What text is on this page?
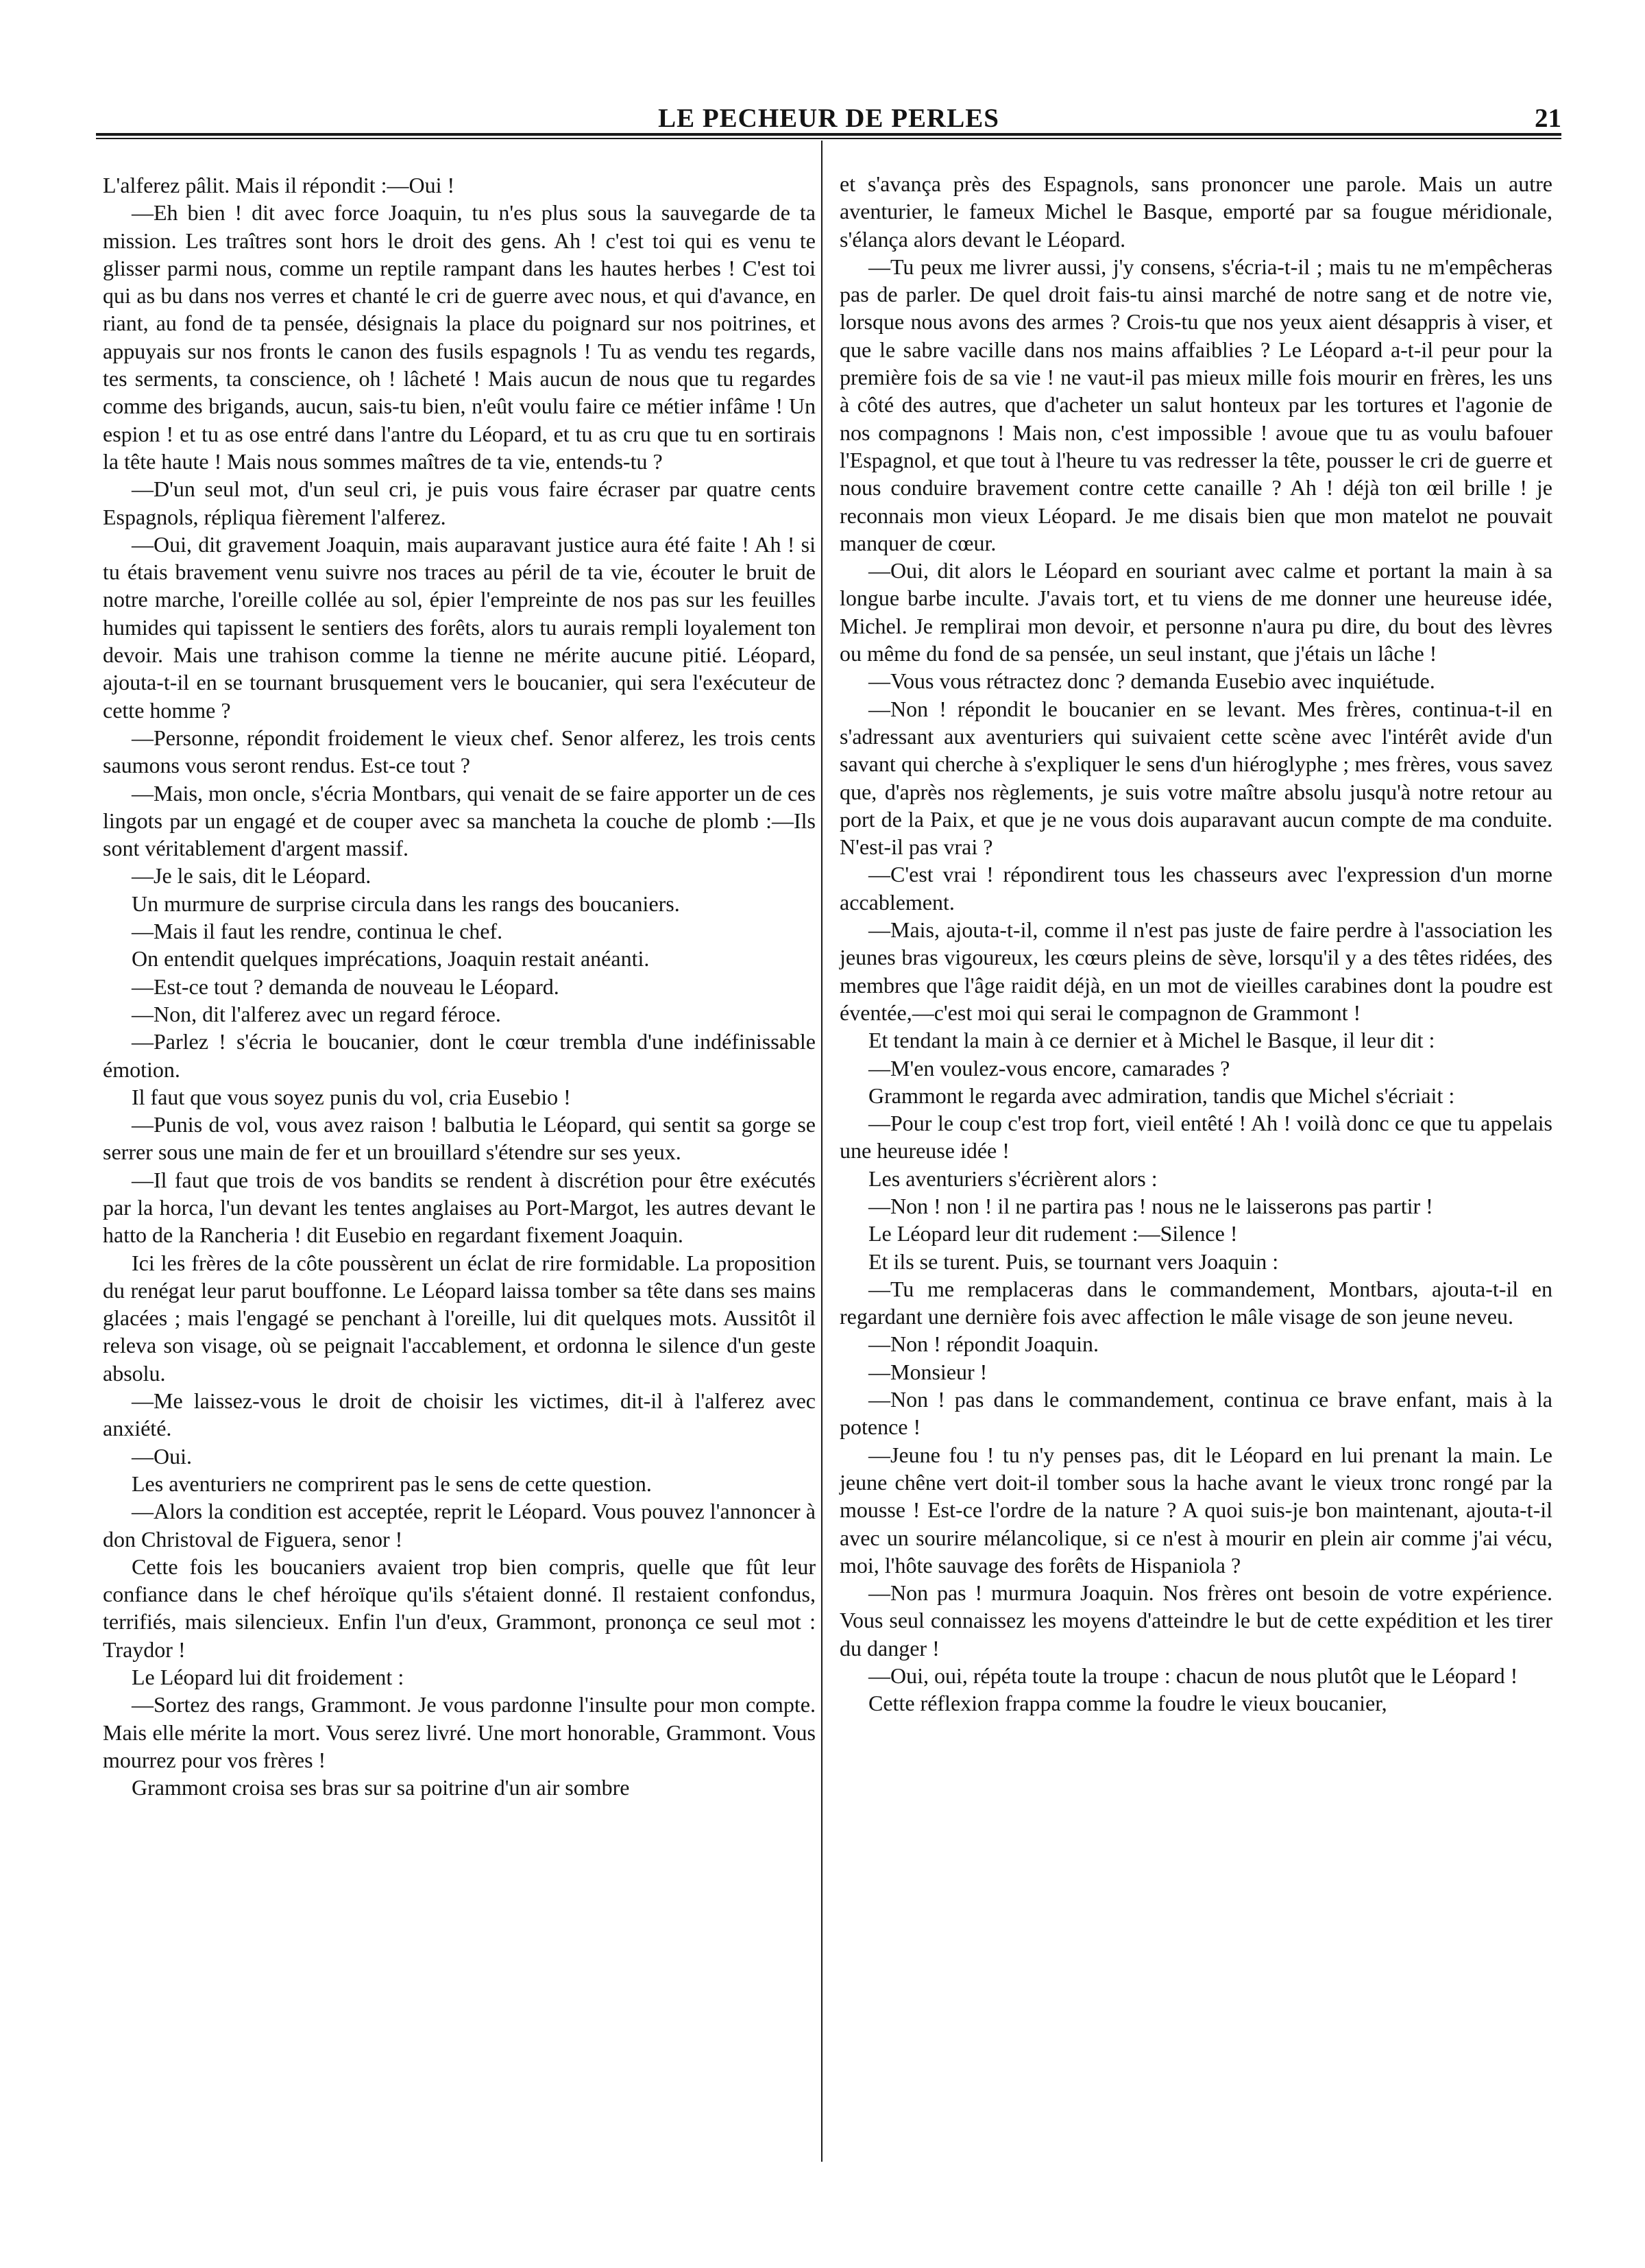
LE PECHEUR DE PERLES	21

L'alferez pâlit. Mais il répondit :—Oui !

—Eh bien ! dit avec force Joaquin, tu n'es plus sous la sauvegarde de ta mission. Les traîtres sont hors le droit des gens. Ah ! c'est toi qui es venu te glisser parmi nous, comme un reptile rampant dans les hautes herbes ! C'est toi qui as bu dans nos verres et chanté le cri de guerre avec nous, et qui d'avance, en riant, au fond de ta pensée, désignais la place du poignard sur nos poitrines, et appuyais sur nos fronts le canon des fusils espagnols ! Tu as vendu tes regards, tes serments, ta conscience, oh ! lâcheté ! Mais aucun de nous que tu regardes comme des brigands, aucun, sais-tu bien, n'eût voulu faire ce métier infâme ! Un espion ! et tu as ose entré dans l'antre du Léopard, et tu as cru que tu en sortirais la tête haute ! Mais nous sommes maîtres de ta vie, entends-tu ?

—D'un seul mot, d'un seul cri, je puis vous faire écraser par quatre cents Espagnols, répliqua fièrement l'alferez.

—Oui, dit gravement Joaquin, mais auparavant justice aura été faite ! Ah ! si tu étais bravement venu suivre nos traces au péril de ta vie, écouter le bruit de notre marche, l'oreille collée au sol, épier l'empreinte de nos pas sur les feuilles humides qui tapissent le sentiers des forêts, alors tu aurais rempli loyalement ton devoir. Mais une trahison comme la tienne ne mérite aucune pitié. Léopard, ajouta-t-il en se tournant brusquement vers le boucanier, qui sera l'exécuteur de cette homme ?

—Personne, répondit froidement le vieux chef. Senor alferez, les trois cents saumons vous seront rendus. Est-ce tout ?

—Mais, mon oncle, s'écria Montbars, qui venait de se faire apporter un de ces lingots par un engagé et de couper avec sa mancheta la couche de plomb :—Ils sont véritablement d'argent massif.

—Je le sais, dit le Léopard.

Un murmure de surprise circula dans les rangs des boucaniers.

—Mais il faut les rendre, continua le chef.

On entendit quelques imprécations, Joaquin restait anéanti.

—Est-ce tout ? demanda de nouveau le Léopard.

—Non, dit l'alferez avec un regard féroce.

—Parlez ! s'écria le boucanier, dont le cœur trembla d'une indéfinissable émotion.

Il faut que vous soyez punis du vol, cria Eusebio !

—Punis de vol, vous avez raison ! balbutia le Léopard, qui sentit sa gorge se serrer sous une main de fer et un brouillard s'étendre sur ses yeux.

—Il faut que trois de vos bandits se rendent à discrétion pour être exécutés par la horca, l'un devant les tentes anglaises au Port-Margot, les autres devant le hatto de la Rancheria ! dit Eusebio en regardant fixement Joaquin.

Ici les frères de la côte poussèrent un éclat de rire formidable. La proposition du renégat leur parut bouffonne. Le Léopard laissa tomber sa tête dans ses mains glacées ; mais l'engagé se penchant à l'oreille, lui dit quelques mots. Aussitôt il releva son visage, où se peignait l'accablement, et ordonna le silence d'un geste absolu.

—Me laissez-vous le droit de choisir les victimes, dit-il à l'alferez avec anxiété.

—Oui.

Les aventuriers ne comprirent pas le sens de cette question.

—Alors la condition est acceptée, reprit le Léopard. Vous pouvez l'annoncer à don Christoval de Figuera, senor !

Cette fois les boucaniers avaient trop bien compris, quelle que fût leur confiance dans le chef héroïque qu'ils s'étaient donné. Il restaient confondus, terrifiés, mais silencieux. Enfin l'un d'eux, Grammont, prononça ce seul mot : Traydor !

Le Léopard lui dit froidement :

—Sortez des rangs, Grammont. Je vous pardonne l'insulte pour mon compte. Mais elle mérite la mort. Vous serez livré. Une mort honorable, Grammont. Vous mourrez pour vos frères !

Grammont croisa ses bras sur sa poitrine d'un air sombre

et s'avança près des Espagnols, sans prononcer une parole. Mais un autre aventurier, le fameux Michel le Basque, emporté par sa fougue méridionale, s'élança alors devant le Léopard.

—Tu peux me livrer aussi, j'y consens, s'écria-t-il ; mais tu ne m'empêcheras pas de parler. De quel droit fais-tu ainsi marché de notre sang et de notre vie, lorsque nous avons des armes ? Crois-tu que nos yeux aient désappris à viser, et que le sabre vacille dans nos mains affaiblies ? Le Léopard a-t-il peur pour la première fois de sa vie ! ne vaut-il pas mieux mille fois mourir en frères, les uns à côté des autres, que d'acheter un salut honteux par les tortures et l'agonie de nos compagnons ! Mais non, c'est impossible ! avoue que tu as voulu bafouer l'Espagnol, et que tout à l'heure tu vas redresser la tête, pousser le cri de guerre et nous conduire bravement contre cette canaille ? Ah ! déjà ton œil brille ! je reconnais mon vieux Léopard. Je me disais bien que mon matelot ne pouvait manquer de cœur.

—Oui, dit alors le Léopard en souriant avec calme et portant la main à sa longue barbe inculte. J'avais tort, et tu viens de me donner une heureuse idée, Michel. Je remplirai mon devoir, et personne n'aura pu dire, du bout des lèvres ou même du fond de sa pensée, un seul instant, que j'étais un lâche !

—Vous vous rétractez donc ? demanda Eusebio avec inquiétude.

—Non ! répondit le boucanier en se levant. Mes frères, continua-t-il en s'adressant aux aventuriers qui suivaient cette scène avec l'intérêt avide d'un savant qui cherche à s'expliquer le sens d'un hiéroglyphe ; mes frères, vous savez que, d'après nos règlements, je suis votre maître absolu jusqu'à notre retour au port de la Paix, et que je ne vous dois auparavant aucun compte de ma conduite. N'est-il pas vrai ?

—C'est vrai ! répondirent tous les chasseurs avec l'expression d'un morne accablement.

—Mais, ajouta-t-il, comme il n'est pas juste de faire perdre à l'association les jeunes bras vigoureux, les cœurs pleins de sève, lorsqu'il y a des têtes ridées, des membres que l'âge raidit déjà, en un mot de vieilles carabines dont la poudre est éventée,—c'est moi qui serai le compagnon de Grammont !

Et tendant la main à ce dernier et à Michel le Basque, il leur dit :

—M'en voulez-vous encore, camarades ?

Grammont le regarda avec admiration, tandis que Michel s'écriait :

—Pour le coup c'est trop fort, vieil entêté ! Ah ! voilà donc ce que tu appelais une heureuse idée !

Les aventuriers s'écrièrent alors :

—Non ! non ! il ne partira pas ! nous ne le laisserons pas partir !

Le Léopard leur dit rudement :—Silence !

Et ils se turent. Puis, se tournant vers Joaquin :

—Tu me remplaceras dans le commandement, Montbars, ajouta-t-il en regardant une dernière fois avec affection le mâle visage de son jeune neveu.

—Non ! répondit Joaquin.

—Monsieur !

—Non ! pas dans le commandement, continua ce brave enfant, mais à la potence !

—Jeune fou ! tu n'y penses pas, dit le Léopard en lui prenant la main. Le jeune chêne vert doit-il tomber sous la hache avant le vieux tronc rongé par la mousse ! Est-ce l'ordre de la nature ? A quoi suis-je bon maintenant, ajouta-t-il avec un sourire mélancolique, si ce n'est à mourir en plein air comme j'ai vécu, moi, l'hôte sauvage des forêts de Hispaniola ?

—Non pas ! murmura Joaquin. Nos frères ont besoin de votre expérience. Vous seul connaissez les moyens d'atteindre le but de cette expédition et les tirer du danger !

—Oui, oui, répéta toute la troupe : chacun de nous plutôt que le Léopard !

Cette réflexion frappa comme la foudre le vieux boucanier,
